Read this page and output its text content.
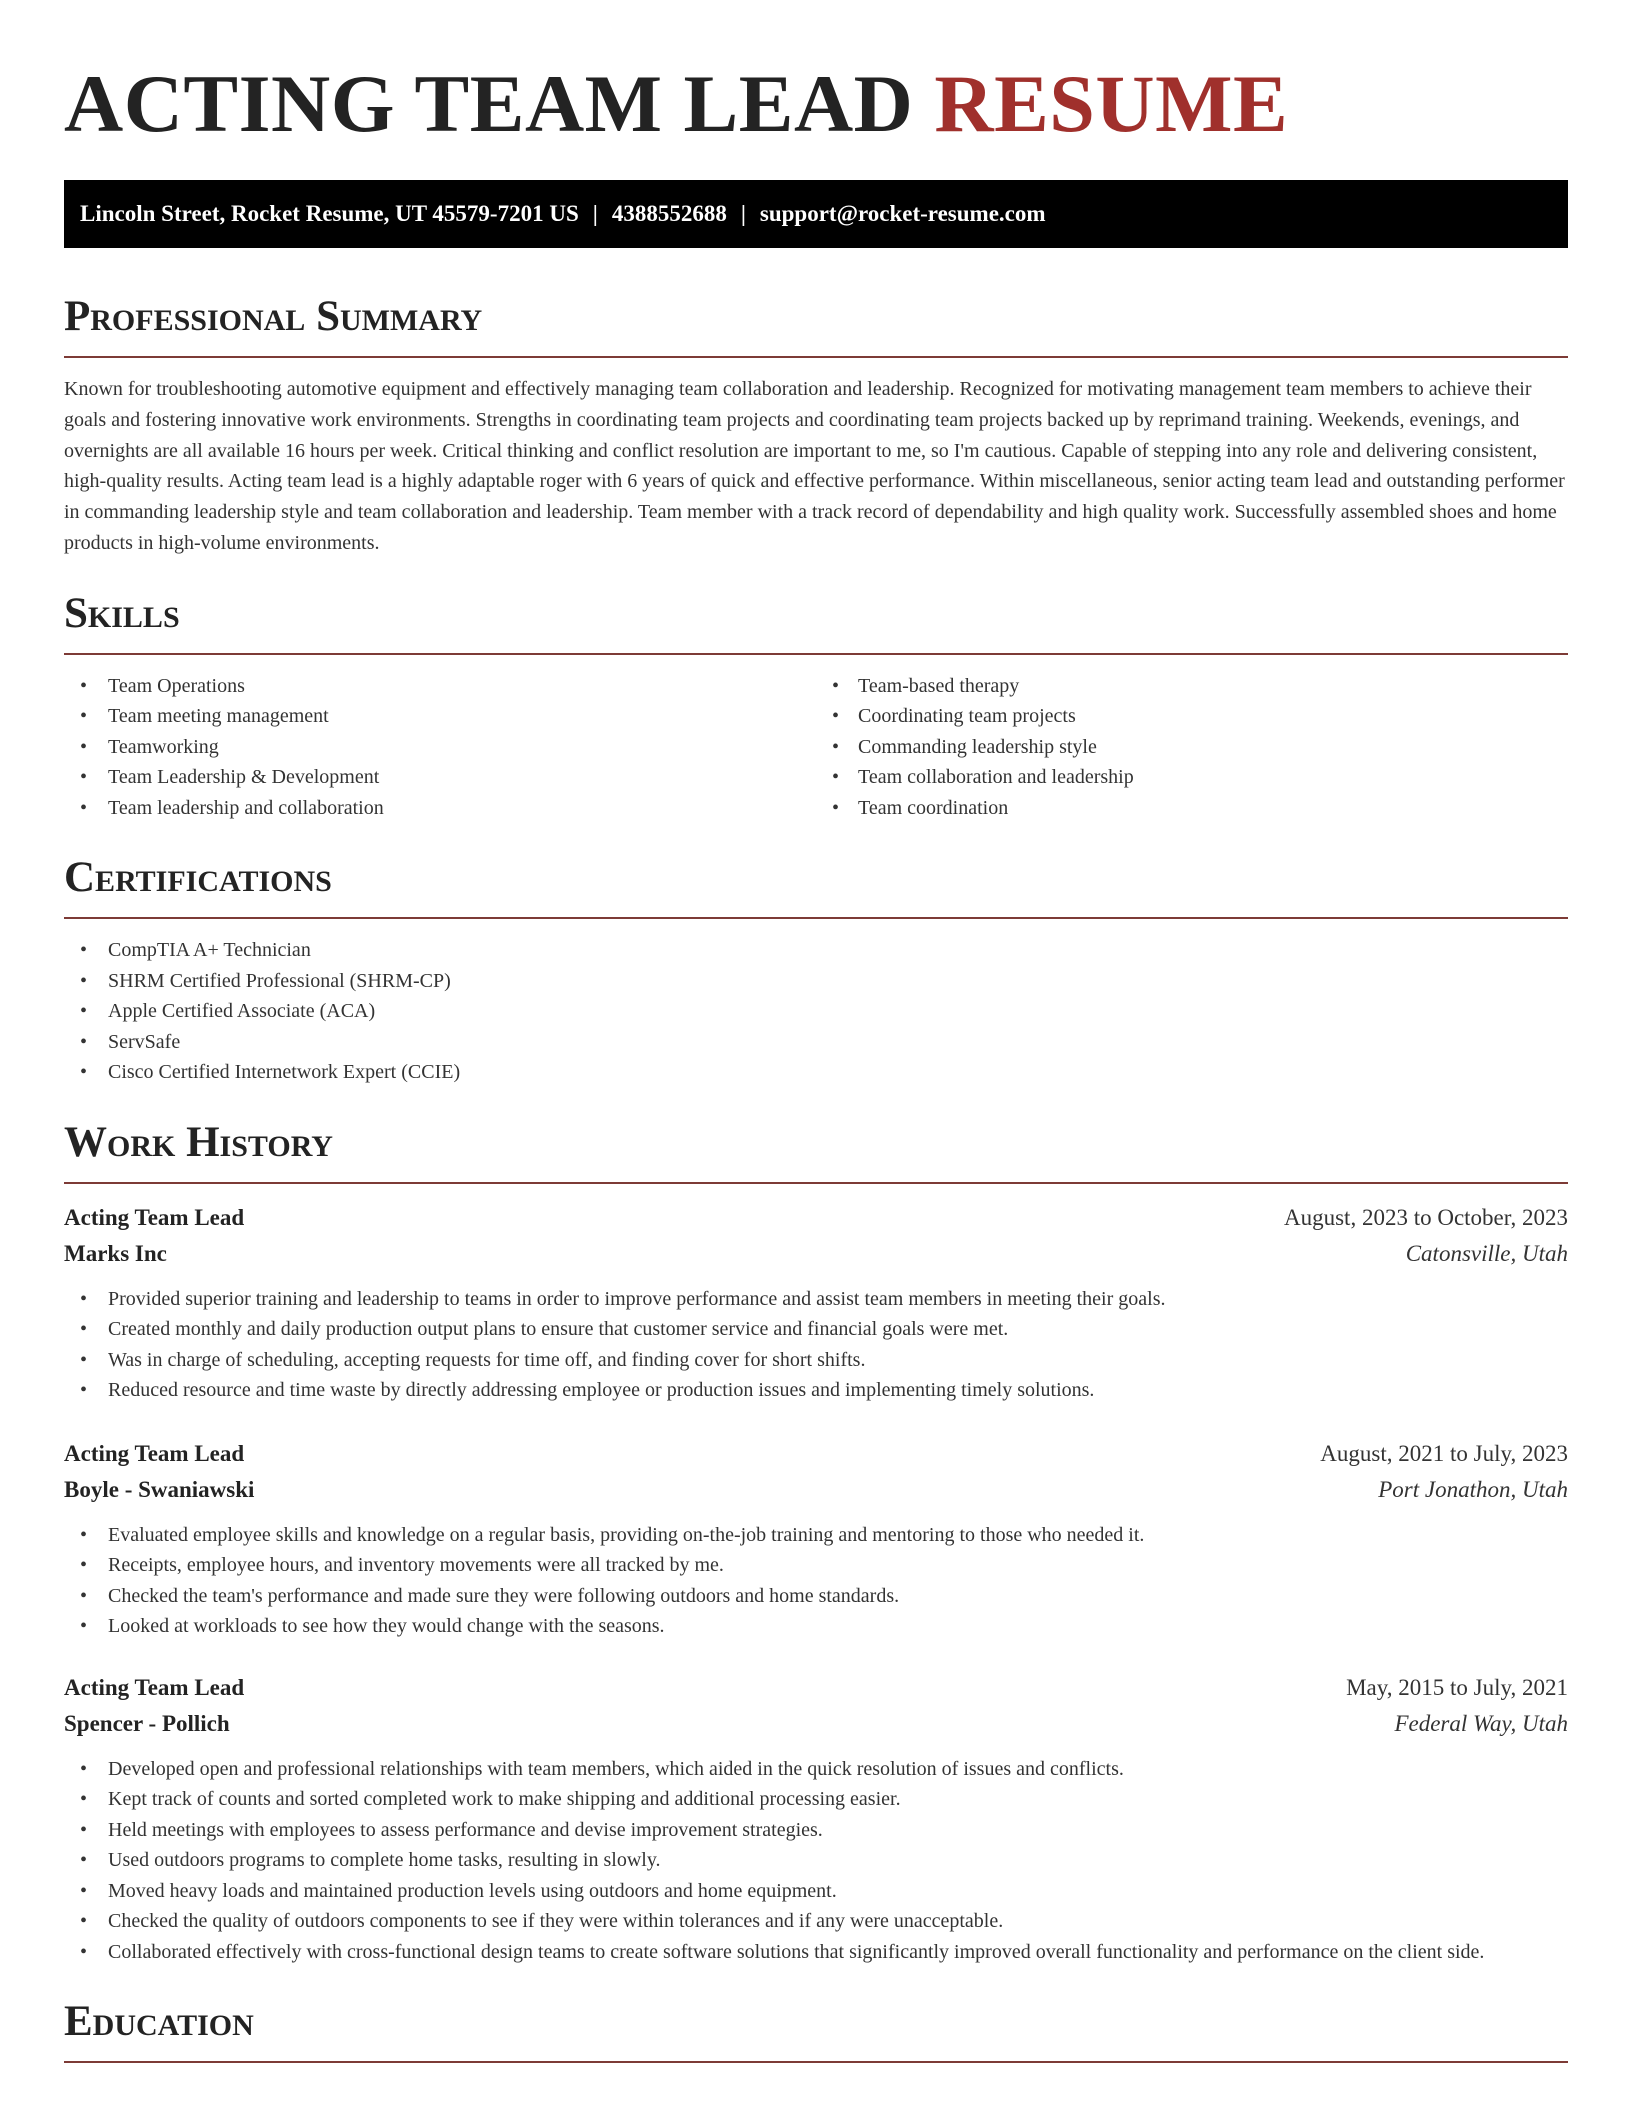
ACTING TEAM LEAD RESUME
Lincoln Street, Rocket Resume, UT 45579-7201 US | 4388552688 | support@rocket-resume.com
Professional Summary

Known for troubleshooting automotive equipment and effectively managing team collaboration and leadership. Recognized for motivating management team members to achieve their goals and fostering innovative work environments. Strengths in coordinating team projects and coordinating team projects backed up by reprimand training. Weekends, evenings, and overnights are all available 16 hours per week. Critical thinking and conflict resolution are important to me, so I'm cautious. Capable of stepping into any role and delivering consistent, high-quality results. Acting team lead is a highly adaptable roger with 6 years of quick and effective performance. Within miscellaneous, senior acting team lead and outstanding performer in commanding leadership style and team collaboration and leadership. Team member with a track record of dependability and high quality work. Successfully assembled shoes and home products in high-volume environments.

Skills
• Team Operations
• Team meeting management
• Teamworking
• Team Leadership & Development
• Team leadership and collaboration
• Team-based therapy
• Coordinating team projects
• Commanding leadership style
• Team collaboration and leadership
• Team coordination
Certifications
• CompTIA A+ Technician
• SHRM Certified Professional (SHRM-CP)
• Apple Certified Associate (ACA)
• ServSafe
• Cisco Certified Internetwork Expert (CCIE)
Work History
Acting Team Lead	August, 2023 to October, 2023
Marks Inc	Catonsville, Utah
• Provided superior training and leadership to teams in order to improve performance and assist team members in meeting their goals.
• Created monthly and daily production output plans to ensure that customer service and financial goals were met.
• Was in charge of scheduling, accepting requests for time off, and finding cover for short shifts.
• Reduced resource and time waste by directly addressing employee or production issues and implementing timely solutions.
Acting Team Lead	August, 2021 to July, 2023
Boyle - Swaniawski	Port Jonathon, Utah
• Evaluated employee skills and knowledge on a regular basis, providing on-the-job training and mentoring to those who needed it.
• Receipts, employee hours, and inventory movements were all tracked by me.
• Checked the team's performance and made sure they were following outdoors and home standards.
• Looked at workloads to see how they would change with the seasons.
Acting Team Lead	May, 2015 to July, 2021
Spencer - Pollich	Federal Way, Utah
• Developed open and professional relationships with team members, which aided in the quick resolution of issues and conflicts.
• Kept track of counts and sorted completed work to make shipping and additional processing easier.
• Held meetings with employees to assess performance and devise improvement strategies.
• Used outdoors programs to complete home tasks, resulting in slowly.
• Moved heavy loads and maintained production levels using outdoors and home equipment.
• Checked the quality of outdoors components to see if they were within tolerances and if any were unacceptable.
• Collaborated effectively with cross-functional design teams to create software solutions that significantly improved overall functionality and performance on the client side.
Education
